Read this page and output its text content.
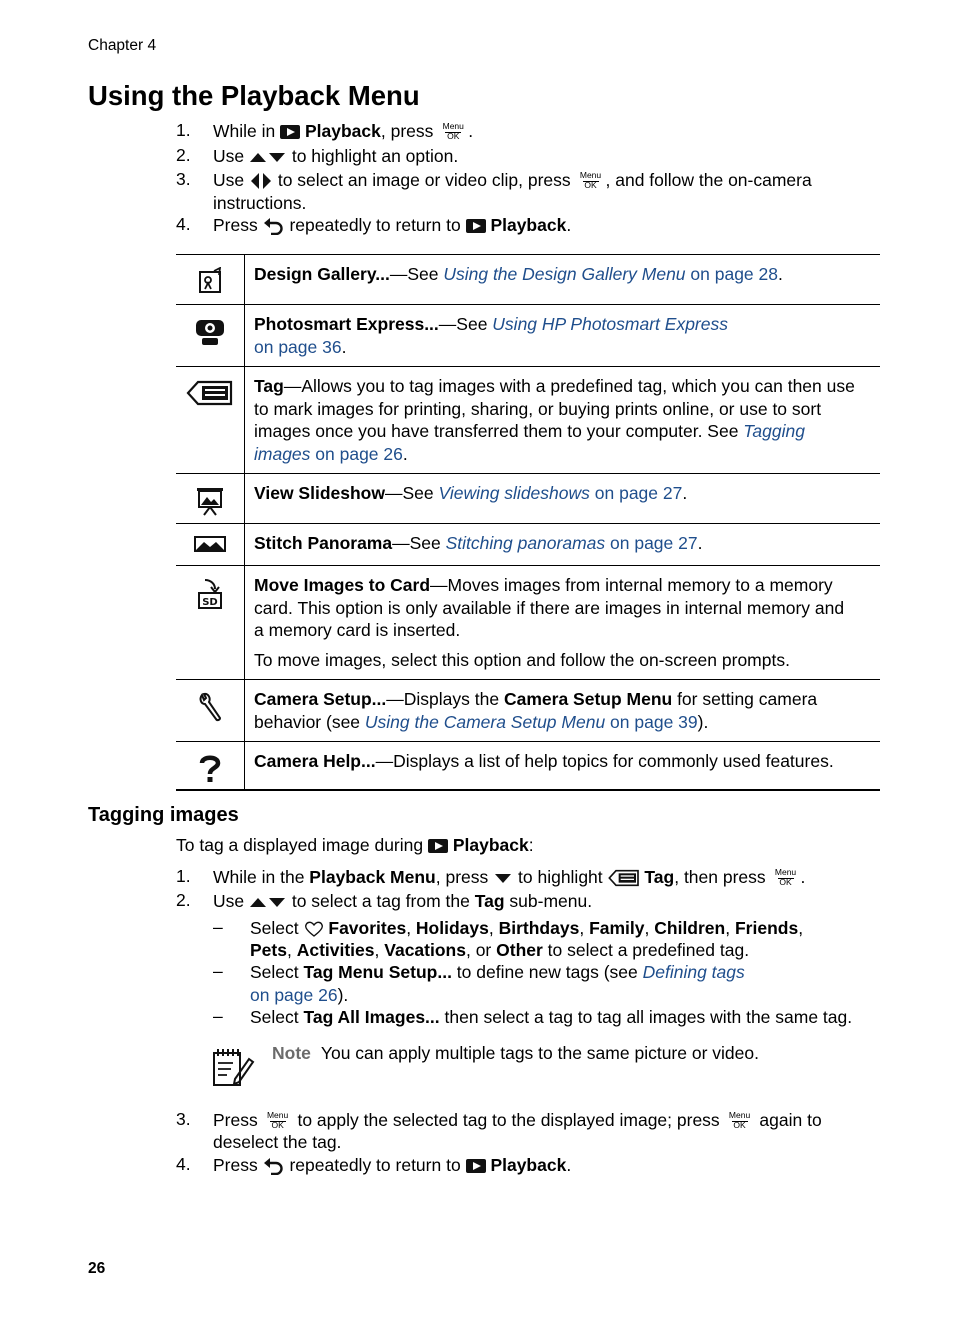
Chapter 4
Using the Playback Menu
1. While in  Playback, press Menu
OK .
2. Use  to highlight an option.
3. Use  to select an image or video clip, press Menu
OK , and follow the on-camera
instructions.
4. Press  repeatedly to return to  Playback.
	Design Gallery...—See Using the Design Gallery Menu on page 28.
	Photosmart Express...—See Using HP Photosmart Express
on page 36.
	Tag—Allows you to tag images with a predefined tag, which you can then use
to mark images for printing, sharing, or buying prints online, or use to sort
images once you have transferred them to your computer. See Tagging
images on page 26.
	View Slideshow—See Viewing slideshows on page 27.
	Stitch Panorama—See Stitching panoramas on page 27.

SD	Move Images to Card—Moves images from internal memory to a memory
card. This option is only available if there are images in internal memory and
a memory card is inserted.
To move images, select this option and follow the on-screen prompts.

	Camera Setup...—Displays the Camera Setup Menu for setting camera
behavior (see Using the Camera Setup Menu on page 39).
	Camera Help...—Displays a list of help topics for commonly used features.
Tagging images
To tag a displayed image during  Playback:
1. While in the Playback Menu, press  to highlight  Tag, then press Menu
OK .
2. Use  to select a tag from the Tag sub-menu.
– Select  Favorites, Holidays, Birthdays, Family, Children, Friends,
Pets, Activities, Vacations, or Other to select a predefined tag.
– Select Tag Menu Setup... to define new tags (see Defining tags
on page 26).
– Select Tag All Images... then select a tag to tag all images with the same tag.
Note You can apply multiple tags to the same picture or video.
3. Press Menu
OK to apply the selected tag to the displayed image; press Menu
OK again to
deselect the tag.
4. Press  repeatedly to return to  Playback.
26
